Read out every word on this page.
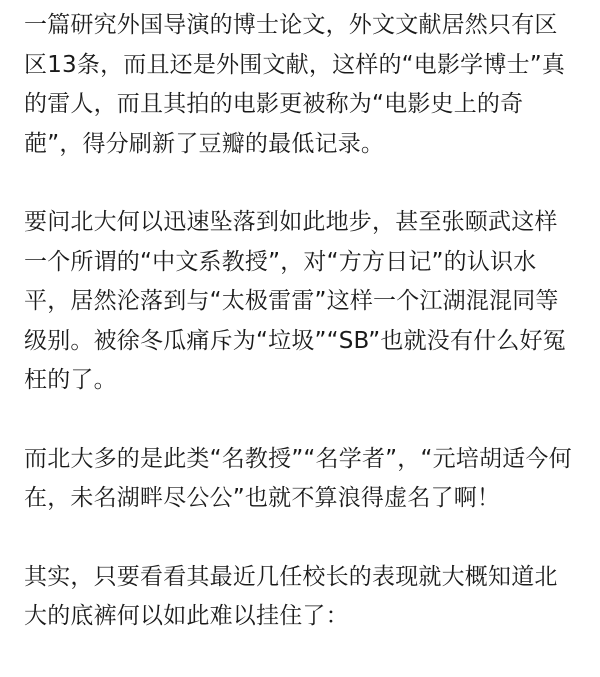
一篇研究外国导演的博士论文，外文文献居然只有区
区13条，而且还是外围文献，这样的“电影学博士”真
的雷人，而且其拍的电影更被称为“电影史上的奇
葩”，得分刷新了豆瓣的最低记录。
要问北大何以迅速坠落到如此地步，甚至张颐武这样
一个所谓的“中文系教授”，对“方方日记”的认识水
平，居然沦落到与“太极雷雷”这样一个江湖混混同等
级别。被徐冬瓜痛斥为“垃圾”“SB”也就没有什么好冤
枉的了。
而北大多的是此类“名教授”“名学者”，“元培胡适今何
在，未名湖畔尽公公”也就不算浪得虚名了啊！
其实，只要看看其最近几任校长的表现就大概知道北
大的底裤何以如此难以挂住了：
